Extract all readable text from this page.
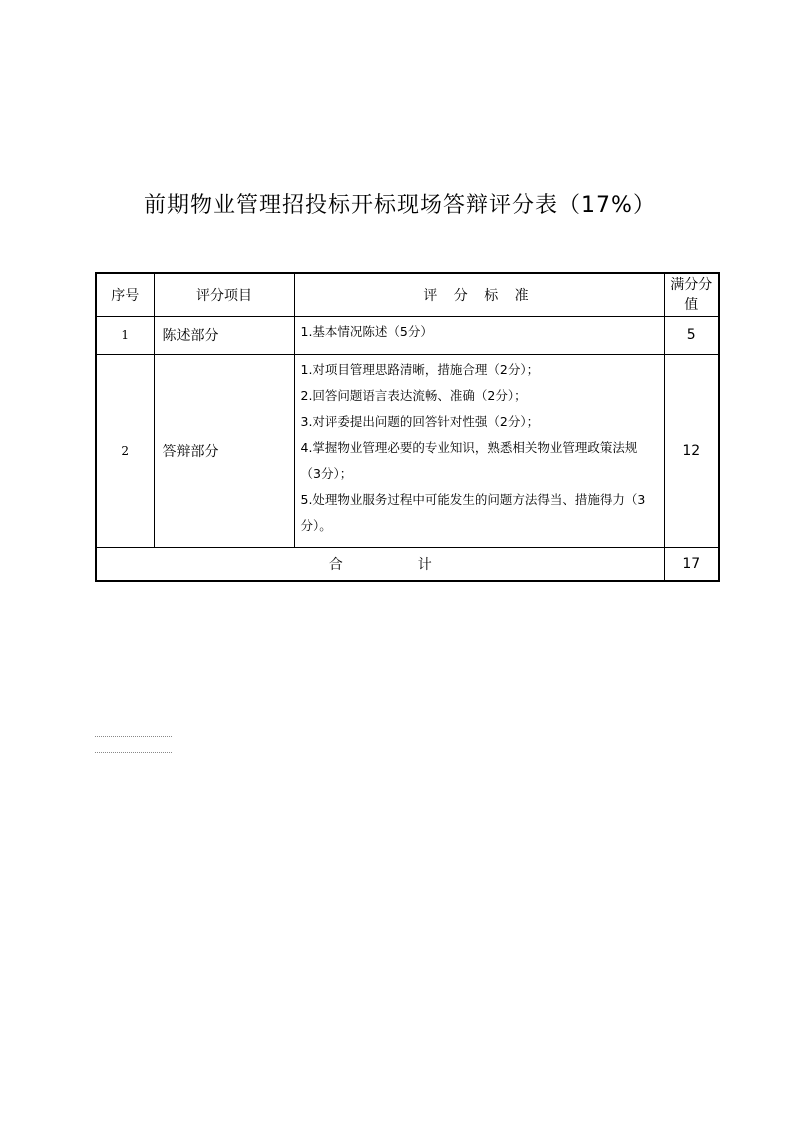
前期物业管理招投标开标现场答辩评分表（17%）
序号	评分项目	评 分 标 准	满分分值
1	陈述部分	1.基本情况陈述（5分）	5
2	答辩部分	1.对项目管理思路清晰，措施合理（2分）；
2.回答问题语言表达流畅、准确（2分）；
3.对评委提出问题的回答针对性强（2分）；
4.掌握物业管理必要的专业知识，熟悉相关物业管理政策法规（3分）；
5.处理物业服务过程中可能发生的问题方法得当、措施得力（3分）。	12
合 计			17
